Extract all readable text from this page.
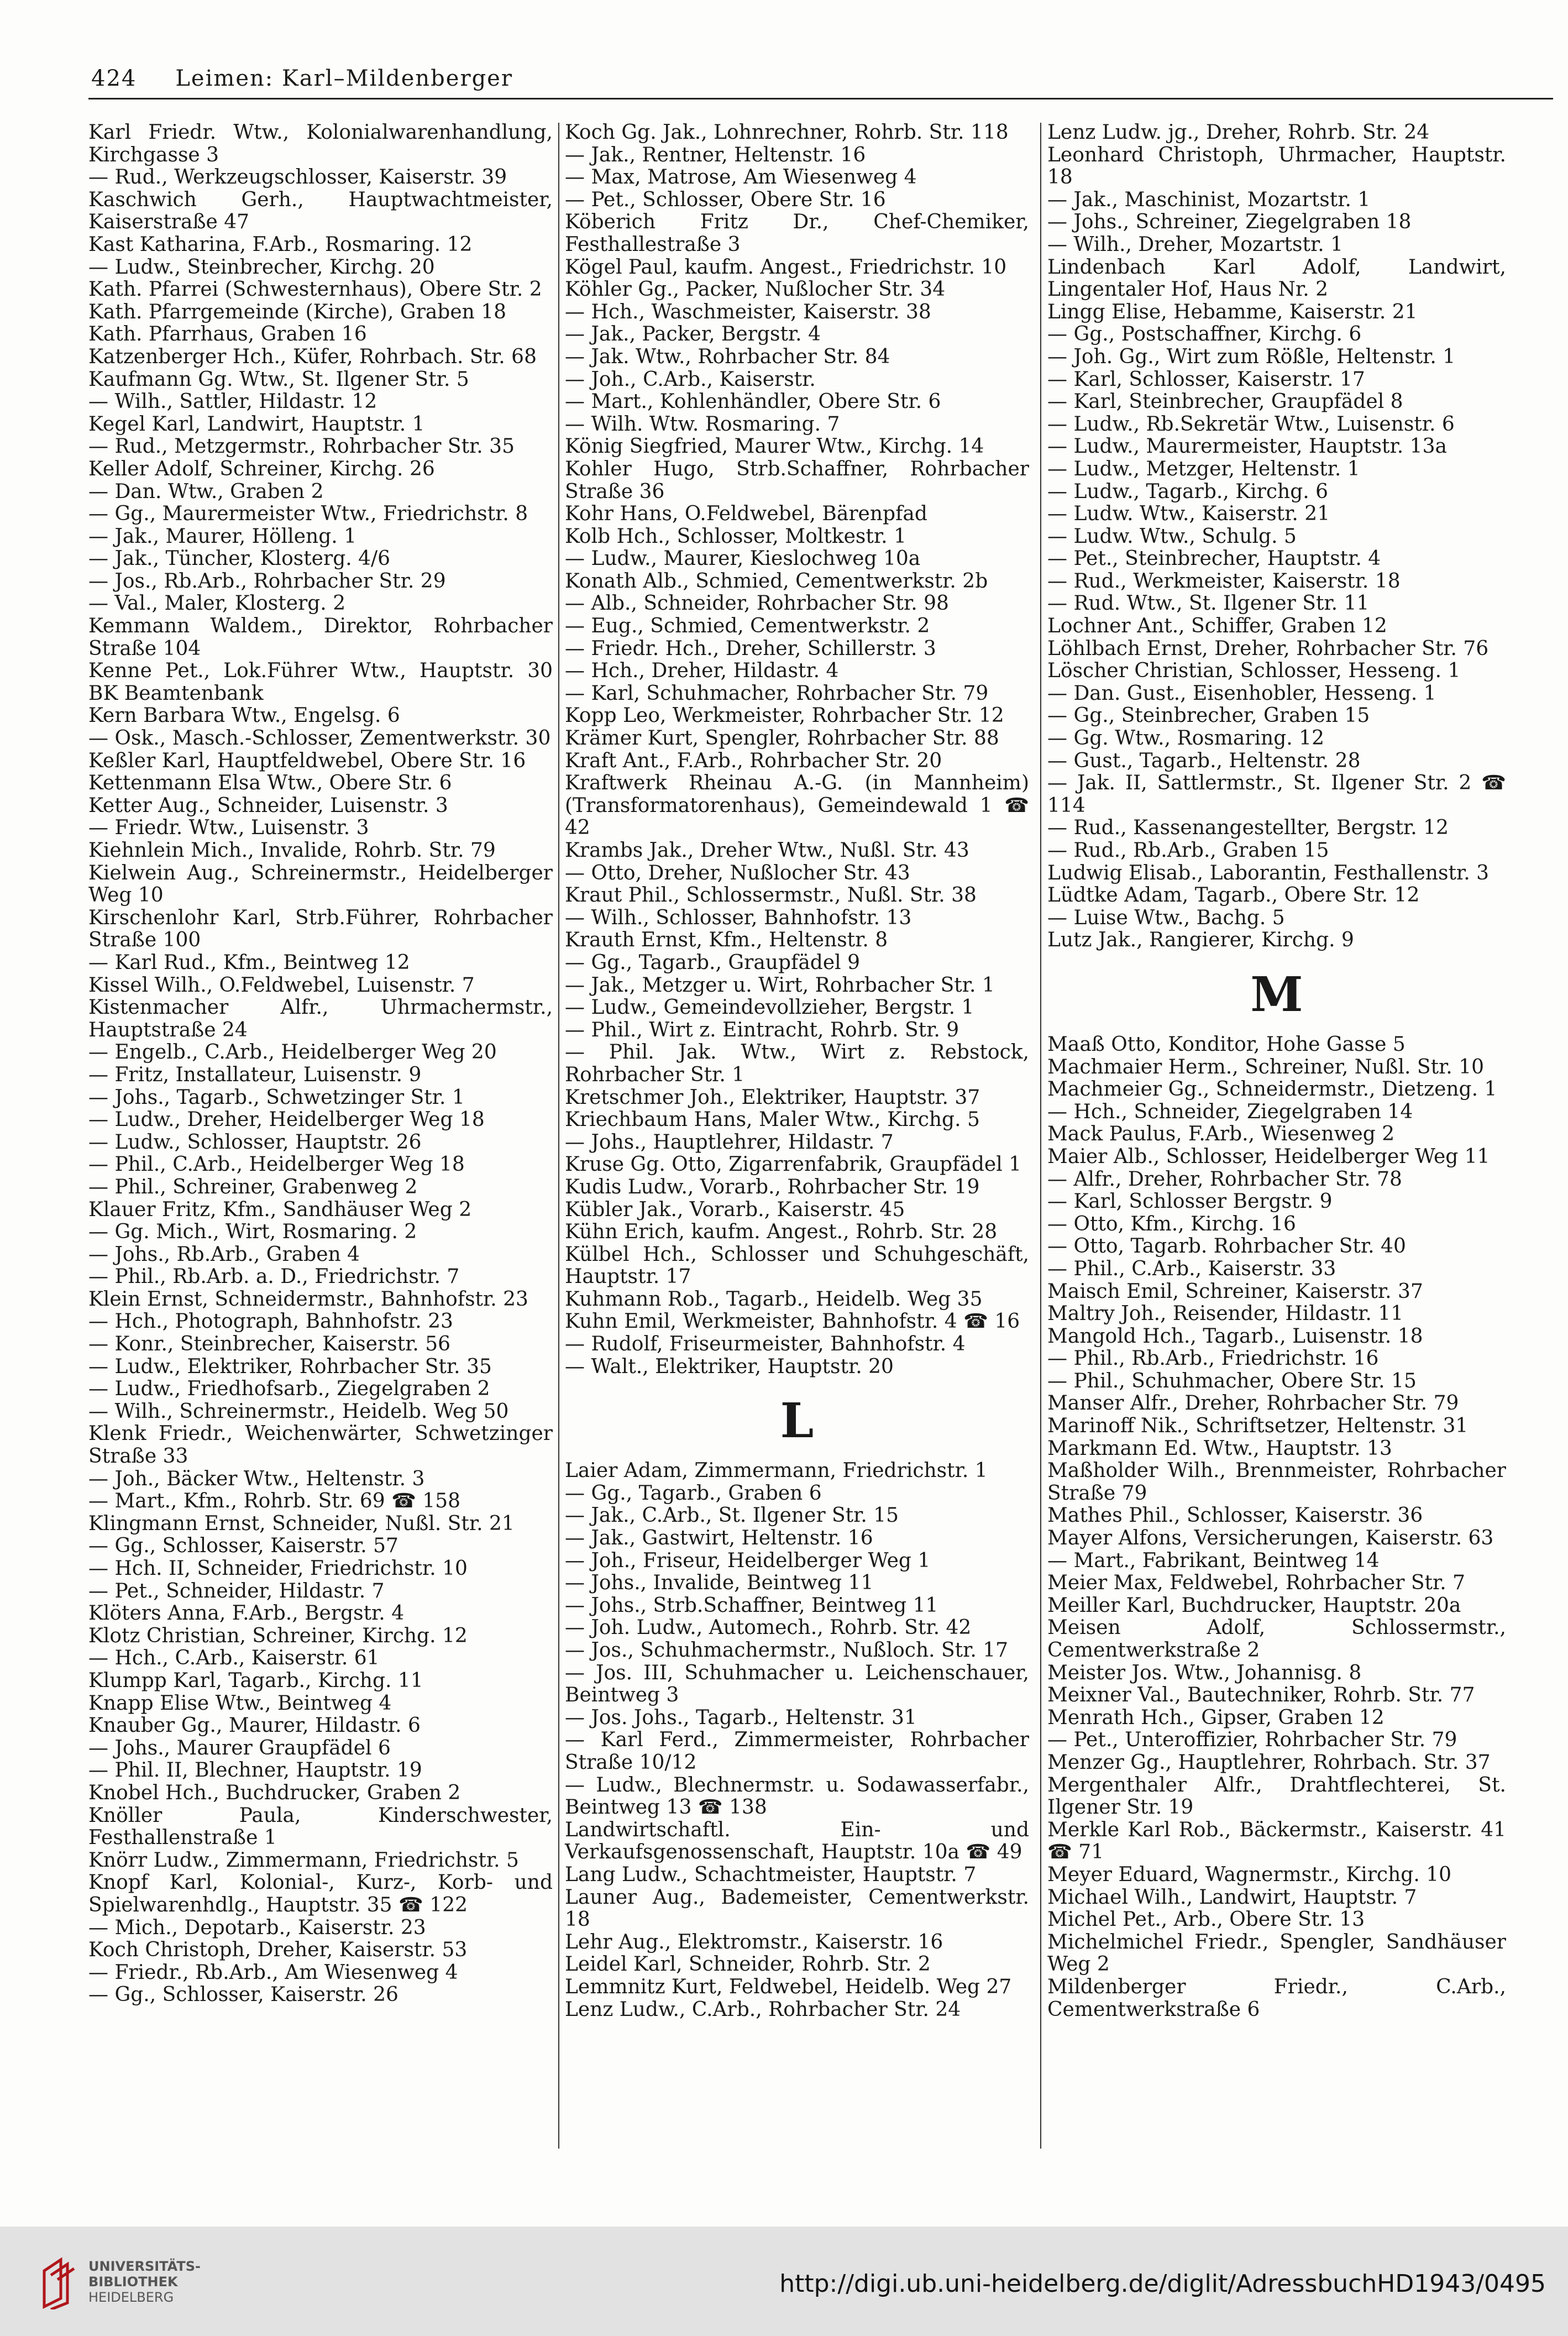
424 Leimen: Karl–Mildenberger
Karl Friedr. Wtw., Kolonialwarenhandlung, Kirchgasse 3
— Rud., Werkzeugschlosser, Kaiserstr. 39
Kaschwich Gerh., Hauptwachtmeister, Kaiserstraße 47
Kast Katharina, F.Arb., Rosmaring. 12
— Ludw., Steinbrecher, Kirchg. 20
Kath. Pfarrei (Schwesternhaus), Obere Str. 2
Kath. Pfarrgemeinde (Kirche), Graben 18
Kath. Pfarrhaus, Graben 16
Katzenberger Hch., Küfer, Rohrbach. Str. 68
Kaufmann Gg. Wtw., St. Ilgener Str. 5
— Wilh., Sattler, Hildastr. 12
Kegel Karl, Landwirt, Hauptstr. 1
— Rud., Metzgermstr., Rohrbacher Str. 35
Keller Adolf, Schreiner, Kirchg. 26
— Dan. Wtw., Graben 2
— Gg., Maurermeister Wtw., Friedrichstr. 8
— Jak., Maurer, Hölleng. 1
— Jak., Tüncher, Klosterg. 4/6
— Jos., Rb.Arb., Rohrbacher Str. 29
— Val., Maler, Klosterg. 2
Kemmann Waldem., Direktor, Rohrbacher Straße 104
Kenne Pet., Lok.Führer Wtw., Hauptstr. 30 BK Beamtenbank
Kern Barbara Wtw., Engelsg. 6
— Osk., Masch.-Schlosser, Zementwerkstr. 30
Keßler Karl, Hauptfeldwebel, Obere Str. 16
Kettenmann Elsa Wtw., Obere Str. 6
Ketter Aug., Schneider, Luisenstr. 3
— Friedr. Wtw., Luisenstr. 3
Kiehnlein Mich., Invalide, Rohrb. Str. 79
Kielwein Aug., Schreinermstr., Heidelberger Weg 10
Kirschenlohr Karl, Strb.Führer, Rohrbacher Straße 100
— Karl Rud., Kfm., Beintweg 12
Kissel Wilh., O.Feldwebel, Luisenstr. 7
Kistenmacher Alfr., Uhrmachermstr., Hauptstraße 24
— Engelb., C.Arb., Heidelberger Weg 20
— Fritz, Installateur, Luisenstr. 9
— Johs., Tagarb., Schwetzinger Str. 1
— Ludw., Dreher, Heidelberger Weg 18
— Ludw., Schlosser, Hauptstr. 26
— Phil., C.Arb., Heidelberger Weg 18
— Phil., Schreiner, Grabenweg 2
Klauer Fritz, Kfm., Sandhäuser Weg 2
— Gg. Mich., Wirt, Rosmaring. 2
— Johs., Rb.Arb., Graben 4
— Phil., Rb.Arb. a. D., Friedrichstr. 7
Klein Ernst, Schneidermstr., Bahnhofstr. 23
— Hch., Photograph, Bahnhofstr. 23
— Konr., Steinbrecher, Kaiserstr. 56
— Ludw., Elektriker, Rohrbacher Str. 35
— Ludw., Friedhofsarb., Ziegelgraben 2
— Wilh., Schreinermstr., Heidelb. Weg 50
Klenk Friedr., Weichenwärter, Schwetzinger Straße 33
— Joh., Bäcker Wtw., Heltenstr. 3
— Mart., Kfm., Rohrb. Str. 69 ☎ 158
Klingmann Ernst, Schneider, Nußl. Str. 21
— Gg., Schlosser, Kaiserstr. 57
— Hch. II, Schneider, Friedrichstr. 10
— Pet., Schneider, Hildastr. 7
Klöters Anna, F.Arb., Bergstr. 4
Klotz Christian, Schreiner, Kirchg. 12
— Hch., C.Arb., Kaiserstr. 61
Klumpp Karl, Tagarb., Kirchg. 11
Knapp Elise Wtw., Beintweg 4
Knauber Gg., Maurer, Hildastr. 6
— Johs., Maurer Graupfädel 6
— Phil. II, Blechner, Hauptstr. 19
Knobel Hch., Buchdrucker, Graben 2
Knöller Paula, Kinderschwester, Festhallenstraße 1
Knörr Ludw., Zimmermann, Friedrichstr. 5
Knopf Karl, Kolonial-, Kurz-, Korb- und Spielwarenhdlg., Hauptstr. 35 ☎ 122
— Mich., Depotarb., Kaiserstr. 23
Koch Christoph, Dreher, Kaiserstr. 53
— Friedr., Rb.Arb., Am Wiesenweg 4
— Gg., Schlosser, Kaiserstr. 26
Koch Gg. Jak., Lohnrechner, Rohrb. Str. 118
— Jak., Rentner, Heltenstr. 16
— Max, Matrose, Am Wiesenweg 4
— Pet., Schlosser, Obere Str. 16
Köberich Fritz Dr., Chef-Chemiker, Festhallestraße 3
Kögel Paul, kaufm. Angest., Friedrichstr. 10
Köhler Gg., Packer, Nußlocher Str. 34
— Hch., Waschmeister, Kaiserstr. 38
— Jak., Packer, Bergstr. 4
— Jak. Wtw., Rohrbacher Str. 84
— Joh., C.Arb., Kaiserstr.
— Mart., Kohlenhändler, Obere Str. 6
— Wilh. Wtw. Rosmaring. 7
König Siegfried, Maurer Wtw., Kirchg. 14
Kohler Hugo, Strb.Schaffner, Rohrbacher Straße 36
Kohr Hans, O.Feldwebel, Bärenpfad
Kolb Hch., Schlosser, Moltkestr. 1
— Ludw., Maurer, Kieslochweg 10a
Konath Alb., Schmied, Cementwerkstr. 2b
— Alb., Schneider, Rohrbacher Str. 98
— Eug., Schmied, Cementwerkstr. 2
— Friedr. Hch., Dreher, Schillerstr. 3
— Hch., Dreher, Hildastr. 4
— Karl, Schuhmacher, Rohrbacher Str. 79
Kopp Leo, Werkmeister, Rohrbacher Str. 12
Krämer Kurt, Spengler, Rohrbacher Str. 88
Kraft Ant., F.Arb., Rohrbacher Str. 20
Kraftwerk Rheinau A.-G. (in Mannheim) (Transformatorenhaus), Gemeindewald 1 ☎ 42
Krambs Jak., Dreher Wtw., Nußl. Str. 43
— Otto, Dreher, Nußlocher Str. 43
Kraut Phil., Schlossermstr., Nußl. Str. 38
— Wilh., Schlosser, Bahnhofstr. 13
Krauth Ernst, Kfm., Heltenstr. 8
— Gg., Tagarb., Graupfädel 9
— Jak., Metzger u. Wirt, Rohrbacher Str. 1
— Ludw., Gemeindevollzieher, Bergstr. 1
— Phil., Wirt z. Eintracht, Rohrb. Str. 9
— Phil. Jak. Wtw., Wirt z. Rebstock, Rohrbacher Str. 1
Kretschmer Joh., Elektriker, Hauptstr. 37
Kriechbaum Hans, Maler Wtw., Kirchg. 5
— Johs., Hauptlehrer, Hildastr. 7
Kruse Gg. Otto, Zigarrenfabrik, Graupfädel 1
Kudis Ludw., Vorarb., Rohrbacher Str. 19
Kübler Jak., Vorarb., Kaiserstr. 45
Kühn Erich, kaufm. Angest., Rohrb. Str. 28
Külbel Hch., Schlosser und Schuhgeschäft, Hauptstr. 17
Kuhmann Rob., Tagarb., Heidelb. Weg 35
Kuhn Emil, Werkmeister, Bahnhofstr. 4 ☎ 16
— Rudolf, Friseurmeister, Bahnhofstr. 4
— Walt., Elektriker, Hauptstr. 20
L
Laier Adam, Zimmermann, Friedrichstr. 1
— Gg., Tagarb., Graben 6
— Jak., C.Arb., St. Ilgener Str. 15
— Jak., Gastwirt, Heltenstr. 16
— Joh., Friseur, Heidelberger Weg 1
— Johs., Invalide, Beintweg 11
— Johs., Strb.Schaffner, Beintweg 11
— Joh. Ludw., Automech., Rohrb. Str. 42
— Jos., Schuhmachermstr., Nußloch. Str. 17
— Jos. III, Schuhmacher u. Leichenschauer, Beintweg 3
— Jos. Johs., Tagarb., Heltenstr. 31
— Karl Ferd., Zimmermeister, Rohrbacher Straße 10/12
— Ludw., Blechnermstr. u. Sodawasserfabr., Beintweg 13 ☎ 138
Landwirtschaftl. Ein- und Verkaufsgenossenschaft, Hauptstr. 10a ☎ 49
Lang Ludw., Schachtmeister, Hauptstr. 7
Launer Aug., Bademeister, Cementwerkstr. 18
Lehr Aug., Elektromstr., Kaiserstr. 16
Leidel Karl, Schneider, Rohrb. Str. 2
Lemmnitz Kurt, Feldwebel, Heidelb. Weg 27
Lenz Ludw., C.Arb., Rohrbacher Str. 24
Lenz Ludw. jg., Dreher, Rohrb. Str. 24
Leonhard Christoph, Uhrmacher, Hauptstr. 18
— Jak., Maschinist, Mozartstr. 1
— Johs., Schreiner, Ziegelgraben 18
— Wilh., Dreher, Mozartstr. 1
Lindenbach Karl Adolf, Landwirt, Lingentaler Hof, Haus Nr. 2
Lingg Elise, Hebamme, Kaiserstr. 21
— Gg., Postschaffner, Kirchg. 6
— Joh. Gg., Wirt zum Rößle, Heltenstr. 1
— Karl, Schlosser, Kaiserstr. 17
— Karl, Steinbrecher, Graupfädel 8
— Ludw., Rb.Sekretär Wtw., Luisenstr. 6
— Ludw., Maurermeister, Hauptstr. 13a
— Ludw., Metzger, Heltenstr. 1
— Ludw., Tagarb., Kirchg. 6
— Ludw. Wtw., Kaiserstr. 21
— Ludw. Wtw., Schulg. 5
— Pet., Steinbrecher, Hauptstr. 4
— Rud., Werkmeister, Kaiserstr. 18
— Rud. Wtw., St. Ilgener Str. 11
Lochner Ant., Schiffer, Graben 12
Löhlbach Ernst, Dreher, Rohrbacher Str. 76
Löscher Christian, Schlosser, Hesseng. 1
— Dan. Gust., Eisenhobler, Hesseng. 1
— Gg., Steinbrecher, Graben 15
— Gg. Wtw., Rosmaring. 12
— Gust., Tagarb., Heltenstr. 28
— Jak. II, Sattlermstr., St. Ilgener Str. 2 ☎ 114
— Rud., Kassenangestellter, Bergstr. 12
— Rud., Rb.Arb., Graben 15
Ludwig Elisab., Laborantin, Festhallenstr. 3
Lüdtke Adam, Tagarb., Obere Str. 12
— Luise Wtw., Bachg. 5
Lutz Jak., Rangierer, Kirchg. 9
M
Maaß Otto, Konditor, Hohe Gasse 5
Machmaier Herm., Schreiner, Nußl. Str. 10
Machmeier Gg., Schneidermstr., Dietzeng. 1
— Hch., Schneider, Ziegelgraben 14
Mack Paulus, F.Arb., Wiesenweg 2
Maier Alb., Schlosser, Heidelberger Weg 11
— Alfr., Dreher, Rohrbacher Str. 78
— Karl, Schlosser Bergstr. 9
— Otto, Kfm., Kirchg. 16
— Otto, Tagarb. Rohrbacher Str. 40
— Phil., C.Arb., Kaiserstr. 33
Maisch Emil, Schreiner, Kaiserstr. 37
Maltry Joh., Reisender, Hildastr. 11
Mangold Hch., Tagarb., Luisenstr. 18
— Phil., Rb.Arb., Friedrichstr. 16
— Phil., Schuhmacher, Obere Str. 15
Manser Alfr., Dreher, Rohrbacher Str. 79
Marinoff Nik., Schriftsetzer, Heltenstr. 31
Markmann Ed. Wtw., Hauptstr. 13
Maßholder Wilh., Brennmeister, Rohrbacher Straße 79
Mathes Phil., Schlosser, Kaiserstr. 36
Mayer Alfons, Versicherungen, Kaiserstr. 63
— Mart., Fabrikant, Beintweg 14
Meier Max, Feldwebel, Rohrbacher Str. 7
Meiller Karl, Buchdrucker, Hauptstr. 20a
Meisen Adolf, Schlossermstr., Cementwerkstraße 2
Meister Jos. Wtw., Johannisg. 8
Meixner Val., Bautechniker, Rohrb. Str. 77
Menrath Hch., Gipser, Graben 12
— Pet., Unteroffizier, Rohrbacher Str. 79
Menzer Gg., Hauptlehrer, Rohrbach. Str. 37
Mergenthaler Alfr., Drahtflechterei, St. Ilgener Str. 19
Merkle Karl Rob., Bäckermstr., Kaiserstr. 41 ☎ 71
Meyer Eduard, Wagnermstr., Kirchg. 10
Michael Wilh., Landwirt, Hauptstr. 7
Michel Pet., Arb., Obere Str. 13
Michelmichel Friedr., Spengler, Sandhäuser Weg 2
Mildenberger Friedr., C.Arb., Cementwerkstraße 6
UNIVERSITÄTS-
BIBLIOTHEK
HEIDELBERG	http://digi.ub.uni-heidelberg.de/diglit/AdressbuchHD1943/0495
